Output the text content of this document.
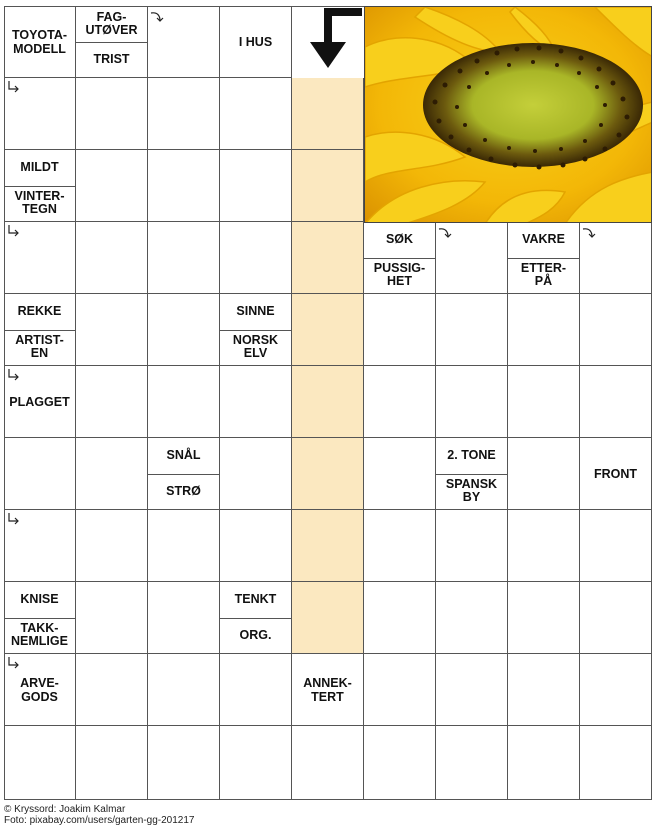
TOYOTA-
MODELL
FAG-
UTØVER
TRIST
I HUS
MILDT
VINTER-
TEGN
SØK
PUSSIG-
HET
VAKRE
ETTER-
PÅ
REKKE
ARTIST-
EN
SINNE
NORSK
ELV
PLAGGET
SNÅL
STRØ
2. TONE
SPANSK
BY
FRONT
KNISE
TAKK-
NEMLIGE
TENKT
ORG.
ARVE-
GODS
ANNEK-
TERT
© Kryssord: Joakim Kalmar
Foto: pixabay.com/users/garten-gg-201217
